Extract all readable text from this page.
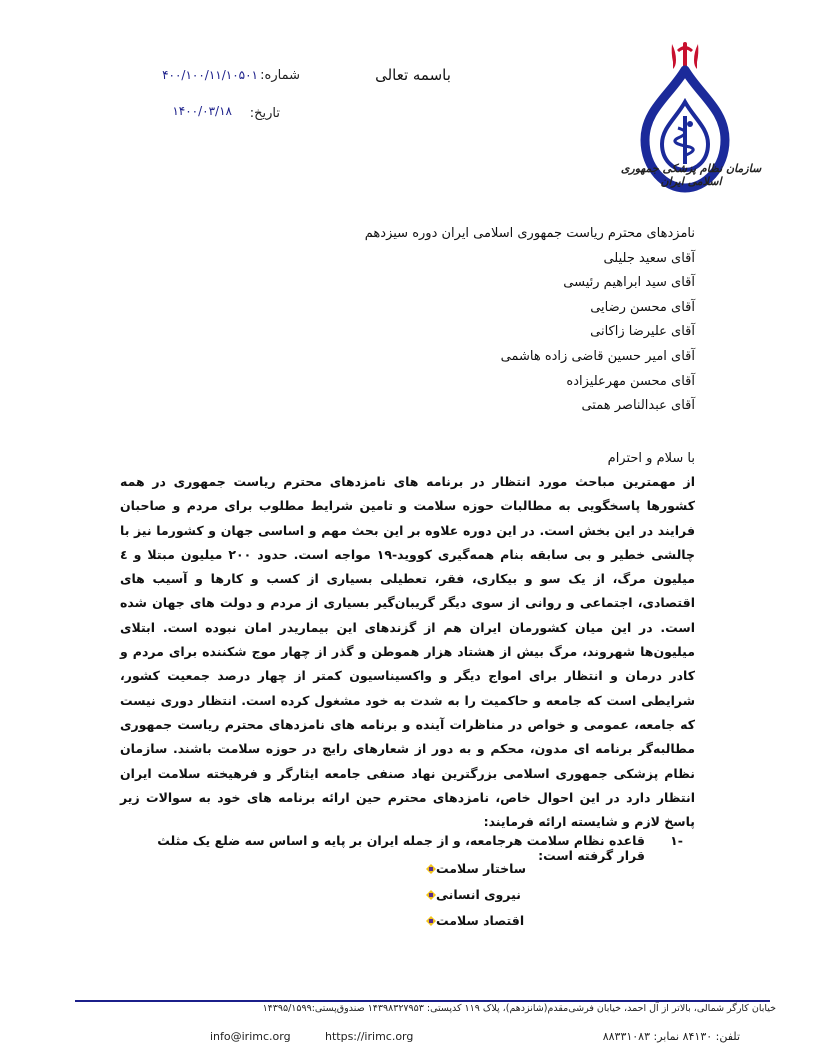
باسمه تعالی
شماره:
۴۰۰/۱۰۰/۱۱/۱۰۵۰۱
تاریخ:
۱۴۰۰/۰۳/۱۸
سازمان نظام پزشکی جمهوری اسلامی ایران
نامزدهای محترم ریاست جمهوری اسلامی ایران دوره سیزدهم
آقای سعید جلیلی
آقای سید ابراهیم رئیسی
آقای محسن رضایی
آقای علیرضا زاکانی
آقای امیر حسین قاضی زاده هاشمی
آقای محسن مهرعلیزاده
آقای عبدالناصر همتی
با سلام و احترام
از مهمترین مباحث مورد انتظار در برنامه های نامزدهای محترم ریاست جمهوری در همه کشورها پاسخگویی به مطالبات حوزه سلامت و تامین شرایط مطلوب برای مردم و صاحبان فرایند در این بخش است. در این دوره علاوه بر این بحث مهم و اساسی جهان و کشورما نیز با چالشی خطیر و بی سابقه بنام همه‌گیری کووید-۱۹ مواجه است. حدود ۲۰۰ میلیون مبتلا و ٤ میلیون مرگ، از یک سو و بیکاری، فقر، تعطیلی بسیاری از کسب و کارها و آسیب های اقتصادی، اجتماعی و روانی از سوی دیگر گریبان‌گیر بسیاری از مردم و دولت های جهان شده است. در این میان کشورمان ایران هم از گزندهای این بیماریدر امان نبوده است. ابتلای میلیون‌ها شهروند، مرگ بیش از هشتاد هزار هموطن و گذر از چهار موج شکننده برای مردم و کادر درمان و انتظار برای امواج دیگر و واکسیناسیون کمتر از چهار درصد جمعیت کشور، شرایطی است که جامعه و حاکمیت را به شدت به خود مشغول کرده است. انتظار دوری نیست که جامعه، عمومی و خواص در مناظرات آینده و برنامه های نامزدهای محترم ریاست جمهوری مطالبه‌گر برنامه ای مدون، محکم و به دور از شعارهای رایج در حوزه سلامت باشند. سازمان نظام پزشکی جمهوری اسلامی بزرگترین نهاد صنفی جامعه ایثارگر و فرهیخته سلامت ایران انتظار دارد در این احوال خاص، نامزدهای محترم حین ارائه برنامه های خود به سوالات زیر پاسخ لازم و شایسته ارائه فرمایند:
-۱
قاعده نظام سلامت هرجامعه، و از جمله ایران بر پایه و اساس سه ضلع یک مثلث قرار گرفته است:
ساختار سلامت
نیروی انسانی
اقتصاد سلامت
خیابان کارگر شمالی، بالاتر از آل احمد، خیابان فرشی‌مقدم(شانزدهم)، پلاک ۱۱۹ کدپستی: ۱۴۳۹۸۳۲۷۹۵۳ صندوق‌پستی:۱۴۳۹۵/۱۵۹۹
info@irimc.org	https://irimc.org	تلفن: ۸۴۱۳۰ نمابر: ۸۸۳۳۱۰۸۳
